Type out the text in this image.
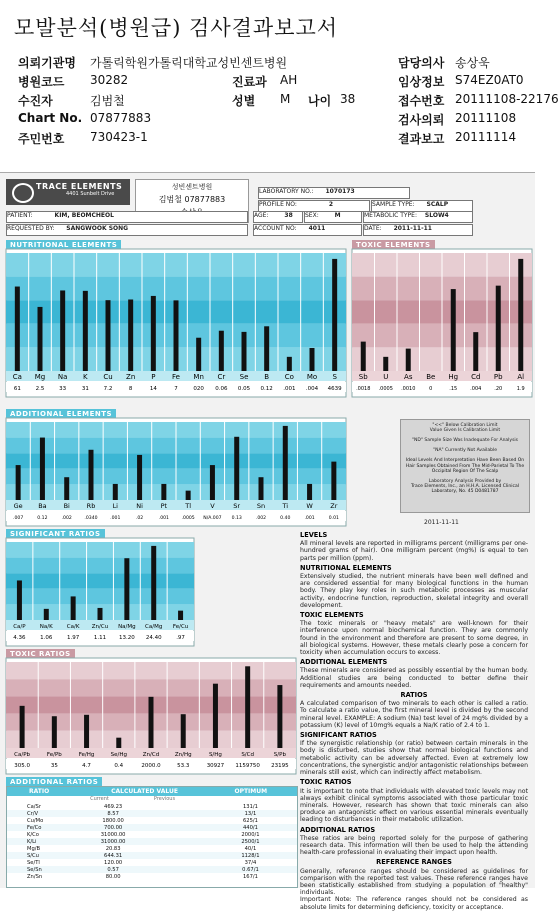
모발분석(병원급) 검사결과보고서
의뢰기관명 가톨릭학원가톨릭대학교성빈센트병원	담당의사 송상욱
병원코드 30282	진료과 AH	임상정보 S74EZ0AT0
수진자	김범철	성별 M 나이 38	접수번호 20111108-22176
Chart No. 07877883	검사의뢰 20111108
주민번호 730423-1	결과보고 20111114
TRACE ELEMENTS
4401 Sunbelt Drive
성빈센트병원
김범철 07877883
LABORATORY NO.: 1070173
PROFILE NO:	2	SAMPLE TYPE: SCALP
PATIENT:	KIM, BEOMCHEOL	AGE:	38	SEX:	M	METABOLIC TYPE: SLOW4
REQUESTED BY: SANGWOOK SONG	ACCOUNT NO: 4011	DATE: 2011-11-11
NUTRITIONAL ELEMENTS	TOXIC ELEMENTS
ADDITIONAL ELEMENTS
SIGNIFICANT RATIOS
TOXIC RATIOS
ADDITIONAL RATIOS
Ca Mg Na K Cu Zn P Fe Mn Cr Se B Co Mo S
61	2.5	33	31	7.2	8	14	7	020 0.06 0.05 0.12 .001 .004 4639
Sb U As Be Hg Cd Pb Al
.0018 .0005 .0010	0	.15	.004	.20	1.9
Ge Ba	Bi	Rb	Li	Ni	Pt	Tl	V	Sr	Sn	Ti	W	Zr
.007	0.12	.002	.0340	.001	.02	.001	.0005 N/A.007 0.13	.002	0.40	.001	0.01
Ca/P	Na/K	Ca/K Zn/Cu Na/Mg Ca/Mg Fe/Cu
4.36	1.06	1.97	1.11 13.20 24.40	.97
Ca/Pb	Fe/Pb	Fe/Hg	Se/Hg	Zn/Cd	Zn/Hg	S/Hg	S/Cd	S/Pb
305.0	35	4.7	0.4	2000.0	53.3	30927 1159750 23195
"<<" Below Calibration Limit
Value Given Is Calibration Limit
"ND" Sample Size Was Inadequate For Analysis
"NA" Currently Not Available
Ideal Levels And Interpretation Have Been Based On Hair Samples Obtained From The Mid-Parietal To The Occipital Region Of The Scalp
Laboratory Analysis Provided by
Trace Elements, Inc., an H.H.A. Licensed Clinical Laboratory, No. 45 D0481787
2011-11-11
RATIO	CALCULATED VALUE	OPTIMUM
Current	Previous
Ca/Sr	469.23	131/1
Cr/V	8.57	13/1
Cu/Mo	1800.00	625/1
Fe/Co	700.00	440/1
K/Co	31000.00	2000/1
K/Li	31000.00	2500/1
Mg/B	20.83	40/1
S/Cu	644.31	1128/1
Se/Tl	120.00	37/4
Se/Sn	0.57	0.67/1
Zn/Sn	80.00	167/1
LEVELS
All mineral levels are reported in milligrams percent (milligrams per one-hundred grams of hair). One milligram percent (mg%) is equal to ten parts per million (ppm).
NUTRITIONAL ELEMENTS
Extensively studied, the nutrient minerals have been well defined and are considered essential for many biological functions in the human body. They play key roles in such metabolic processes as muscular activity, endocrine function, reproduction, skeletal integrity and overall development.
TOXIC ELEMENTS
The toxic minerals or "heavy metals" are well-known for their interference upon normal biochemical function. They are commonly found in the environment and therefore are present to some degree, in all biological systems. However, these metals clearly pose a concern for toxicity when accumulation occurs to excess.
ADDITIONAL ELEMENTS
These minerals are considered as possibly essential by the human body. Additional studies are being conducted to better define their requirements and amounts needed.
RATIOS
A calculated comparison of two minerals to each other is called a ratio. To calculate a ratio value, the first mineral level is divided by the second mineral level. EXAMPLE: A sodium (Na) test level of 24 mg% divided by a potassium (K) level of 10mg% equals a Na/K ratio of 2.4 to 1.
SIGNIFICANT RATIOS
If the synergistic relationship (or ratio) between certain minerals in the body is disturbed, studies show that normal biological functions and metabolic activity can be adversely affected. Even at extremely low concentrations, the synergistic and/or antagonistic relationships between minerals still exist, which can indirectly affect metabolism.
TOXIC RATIOS
It is important to note that individuals with elevated toxic levels may not always exhibit clinical symptoms associated with those particular toxic minerals. However, research has shown that toxic minerals can also produce an antagonistic effect on various essential minerals eventually leading to disturbances in their metabolic utilization.
ADDITIONAL RATIOS
These ratios are being reported solely for the purpose of gathering research data. This information will then be used to help the attending health-care professional in evaluating their impact upon health.
REFERENCE RANGES
Generally, reference ranges should be considered as guidelines for comparison with the reported test values. These reference ranges have been statistically established from studying a population of "healthy" individuals.
Important Note: The reference ranges should not be considered as absolute limits for determining deficiency, toxicity or acceptance.
